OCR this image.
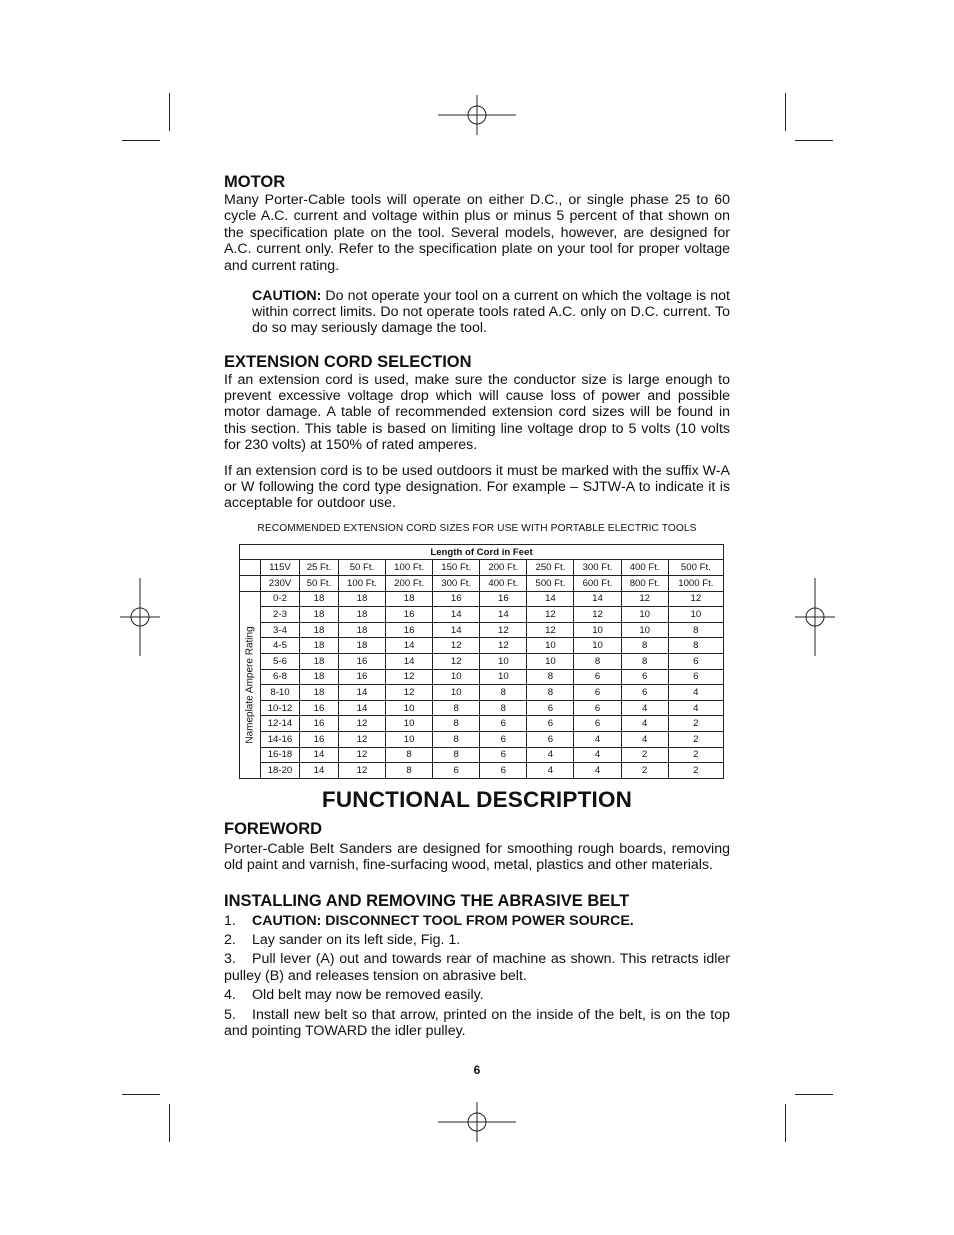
MOTOR

Many Porter-Cable tools will operate on either D.C., or single phase 25 to 60 cycle A.C. current and voltage within plus or minus 5 percent of that shown on the specification plate on the tool. Several models, however, are designed for A.C. current only. Refer to the specification plate on your tool for proper voltage and current rating.

CAUTION: Do not operate your tool on a current on which the voltage is not within correct limits. Do not operate tools rated A.C. only on D.C. current. To do so may seriously damage the tool.
EXTENSION CORD SELECTION

If an extension cord is used, make sure the conductor size is large enough to prevent excessive voltage drop which will cause loss of power and possible motor damage. A table of recommended extension cord sizes will be found in this section. This table is based on limiting line voltage drop to 5 volts (10 volts for 230 volts) at 150% of rated amperes.

If an extension cord is to be used outdoors it must be marked with the suffix W-A or W following the cord type designation. For example – SJTW-A to indicate it is acceptable for outdoor use.

RECOMMENDED EXTENSION CORD SIZES FOR USE WITH PORTABLE ELECTRIC TOOLS
Length of Cord in Feet										
	115V	25 Ft.	50 Ft.	100 Ft.	150 Ft.	200 Ft.	250 Ft.	300 Ft.	400 Ft.	500 Ft.
	230V	50 Ft.	100 Ft.	200 Ft.	300 Ft.	400 Ft.	500 Ft.	600 Ft.	800 Ft.	1000 Ft.

Nameplate Ampere Rating	0-2	18	18	18	16	16	14	14	12	12
	2-3	18	18	16	14	14	12	12	10	10
	3-4	18	18	16	14	12	12	10	10	8
	4-5	18	18	14	12	12	10	10	8	8
	5-6	18	16	14	12	10	10	8	8	6
	6-8	18	16	12	10	10	8	6	6	6
	8-10	18	14	12	10	8	8	6	6	4
	10-12	16	14	10	8	8	6	6	4	4
	12-14	16	12	10	8	6	6	6	4	2
	14-16	16	12	10	8	6	6	4	4	2
	16-18	14	12	8	8	6	4	4	2	2
	18-20	14	12	8	6	6	4	4	2	2
FUNCTIONAL DESCRIPTION
FOREWORD

Porter-Cable Belt Sanders are designed for smoothing rough boards, removing old paint and varnish, fine-surfacing wood, metal, plastics and other materials.

INSTALLING AND REMOVING THE ABRASIVE BELT
1. CAUTION: DISCONNECT TOOL FROM POWER SOURCE.
2. Lay sander on its left side, Fig. 1.
3. Pull lever (A) out and towards rear of machine as shown. This retracts idler pulley (B) and releases tension on abrasive belt.
4. Old belt may now be removed easily.
5. Install new belt so that arrow, printed on the inside of the belt, is on the top and pointing TOWARD the idler pulley.
6
